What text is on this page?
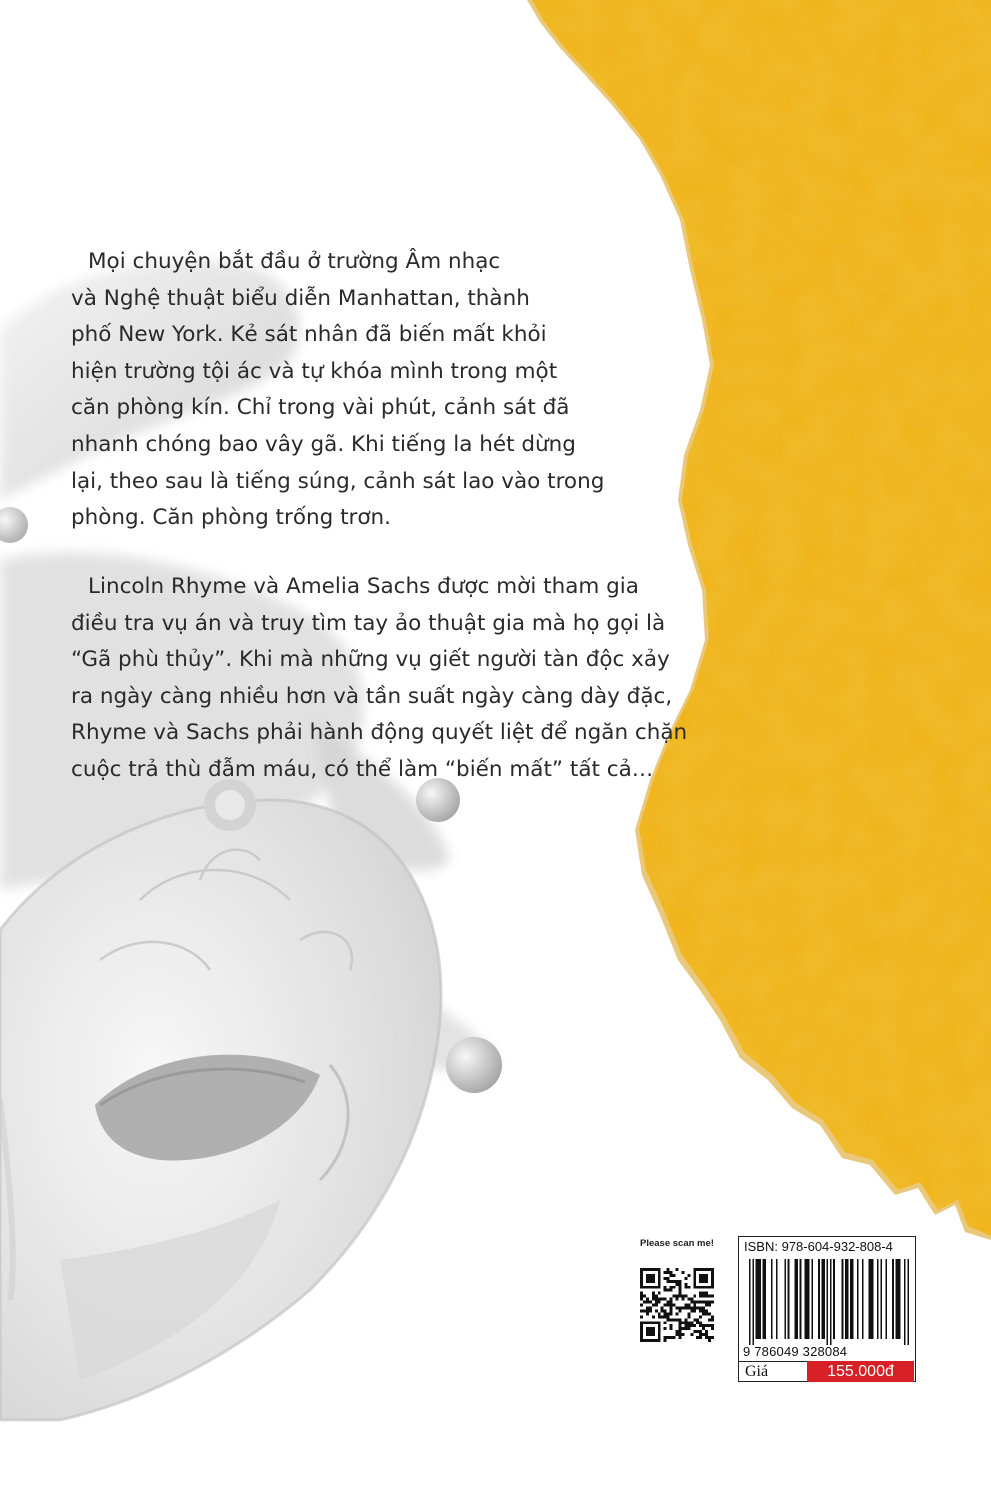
Mọi chuyện bắt đầu ở trường Âm nhạc
và Nghệ thuật biểu diễn Manhattan, thành
phố New York. Kẻ sát nhân đã biến mất khỏi
hiện trường tội ác và tự khóa mình trong một
căn phòng kín. Chỉ trong vài phút, cảnh sát đã
nhanh chóng bao vây gã. Khi tiếng la hét dừng
lại, theo sau là tiếng súng, cảnh sát lao vào trong
phòng. Căn phòng trống trơn.

Lincoln Rhyme và Amelia Sachs được mời tham gia
điều tra vụ án và truy tìm tay ảo thuật gia mà họ gọi là
“Gã phù thủy”. Khi mà những vụ giết người tàn độc xảy
ra ngày càng nhiều hơn và tần suất ngày càng dày đặc,
Rhyme và Sachs phải hành động quyết liệt để ngăn chặn
cuộc trả thù đẫm máu, có thể làm “biến mất” tất cả…

Please scan me!	ISBN: 978-604-932-808-4
9 786049 328084
Giá	155.000đ
